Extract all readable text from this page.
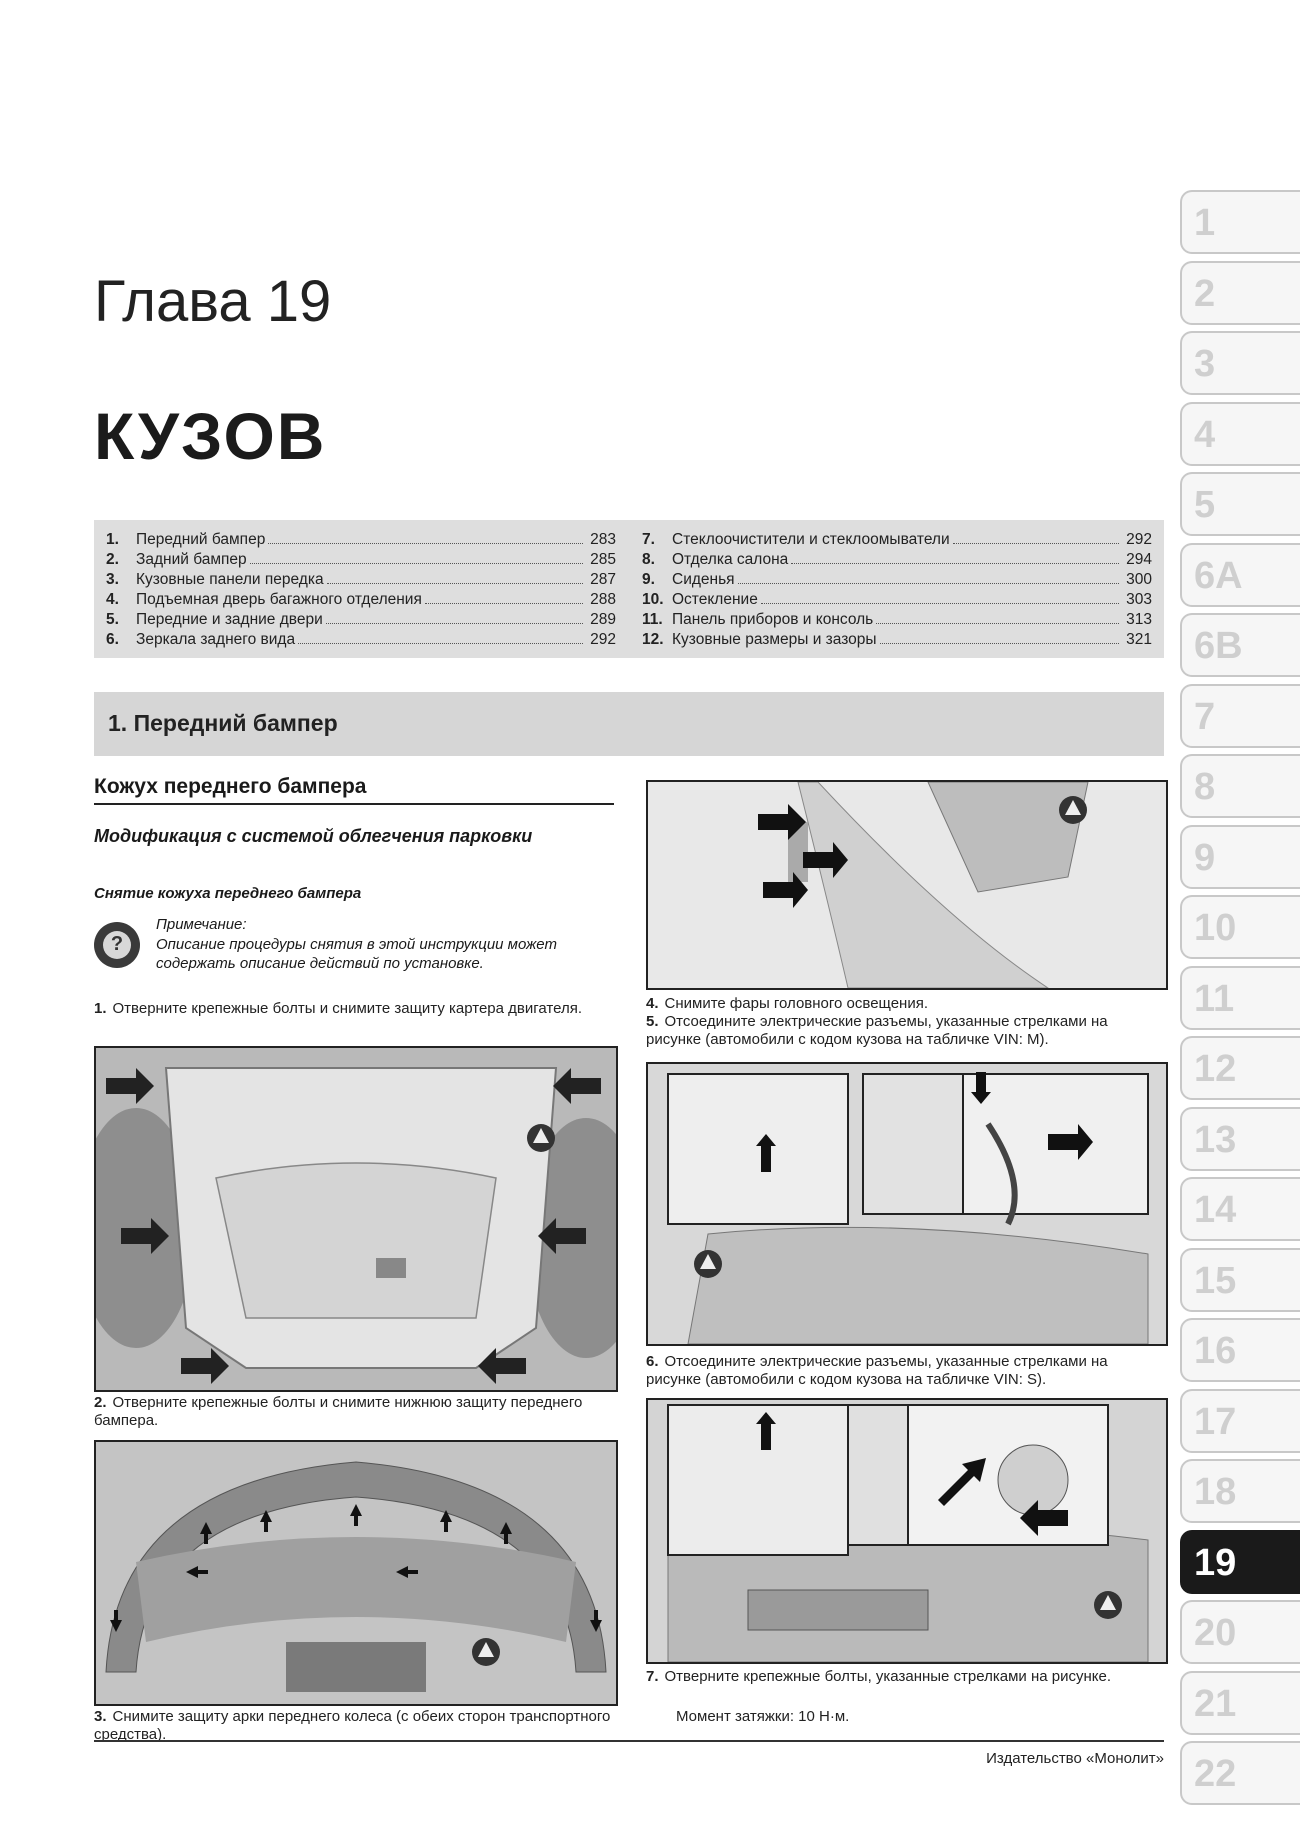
Глава 19
КУЗОВ
1.	Передний бампер	283
2.	Задний бампер	285
3.	Кузовные панели передка	287
4.	Подъемная дверь багажного отделения	288
5.	Передние и задние двери	289
6.	Зеркала заднего вида	292
7.	Стеклоочистители и стеклоомыватели	292
8.	Отделка салона	294
9.	Сиденья	300
10. Остекление	303
11. Панель приборов и консоль	313
12. Кузовные размеры и зазоры	321
1. Передний бампер
1
2
3
4
5
6A
6B
7
8
9
10
11
12
13
14
15
16
17
18
19
20
21
22
Кожух переднего бампера
Модификация с системой облегчения парковки
Снятие кожуха переднего бампера
?
Примечание:
Описание процедуры снятия в этой инструкции может содержать описание действий по установке.
1. Отверните крепежные болты и снимите защиту картера двигателя.
2. Отверните крепежные болты и снимите нижнюю защиту переднего бампера.
3. Снимите защиту арки переднего колеса (с обеих сторон транспортного средства).
4. Снимите фары головного освещения.
5. Отсоедините электрические разъемы, указанные стрелками на рисунке (автомобили с кодом кузова на табличке VIN: M).
6. Отсоедините электрические разъемы, указанные стрелками на рисунке (автомобили с кодом кузова на табличке VIN: S).
7. Отверните крепежные болты, указанные стрелками на рисунке.
Момент затяжки: 10 Н·м.
Издательство «Монолит»
